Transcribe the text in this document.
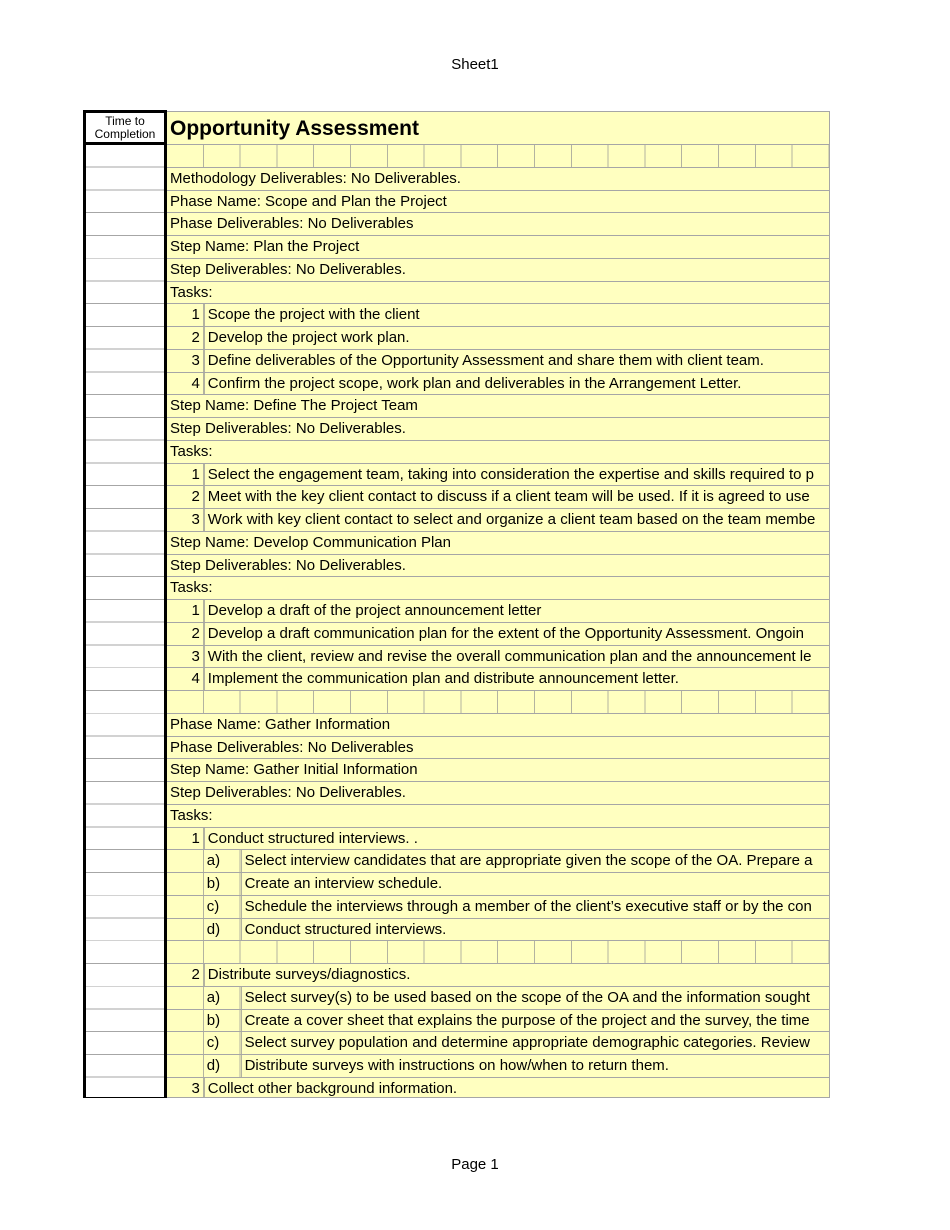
Sheet1
Time to Completion Opportunity Assessment
Methodology Deliverables: No Deliverables.
Phase Name: Scope and Plan the Project
Phase Deliverables: No Deliverables
Step Name: Plan the Project
Step Deliverables: No Deliverables.
Tasks:
1 Scope the project with the client
2 Develop the project work plan.
3 Define deliverables of the Opportunity Assessment and share them with client team.
4 Confirm the project scope, work plan and deliverables in the Arrangement Letter.
Step Name: Define The Project Team
Step Deliverables: No Deliverables.
Tasks:
1 Select the engagement team, taking into consideration the expertise and skills required to p
2 Meet with the key client contact to discuss if a client team will be used. If it is agreed to use
3 Work with key client contact to select and organize a client team based on the team membe
Step Name: Develop Communication Plan
Step Deliverables: No Deliverables.
Tasks:
1 Develop a draft of the project announcement letter
2 Develop a draft communication plan for the extent of the Opportunity Assessment. Ongoin
3 With the client, review and revise the overall communication plan and the announcement le
4 Implement the communication plan and distribute announcement letter.
Phase Name: Gather Information
Phase Deliverables: No Deliverables
Step Name: Gather Initial Information
Step Deliverables: No Deliverables.
Tasks:
1 Conduct structured interviews. .
a)	Select interview candidates that are appropriate given the scope of the OA. Prepare a
b)	Create an interview schedule.
c)	Schedule the interviews through a member of the client’s executive staff or by the con
d)	Conduct structured interviews.
2 Distribute surveys/diagnostics.
a)	Select survey(s) to be used based on the scope of the OA and the information sought
b)	Create a cover sheet that explains the purpose of the project and the survey, the time
c)	Select survey population and determine appropriate demographic categories. Review
d)	Distribute surveys with instructions on how/when to return them.
3 Collect other background information.
Page 1
